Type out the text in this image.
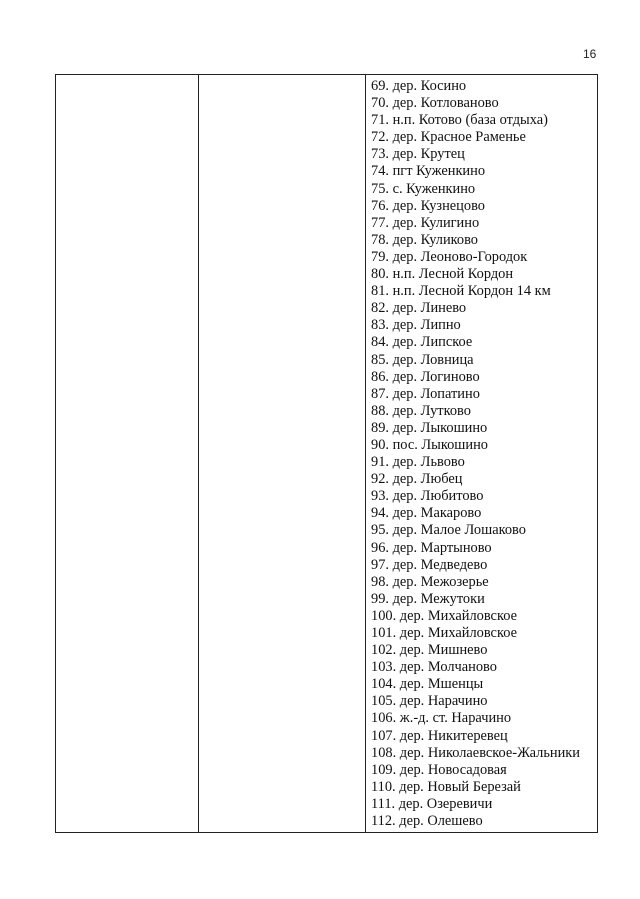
16
69. дер. Косино
70. дер. Котлованово
71. н.п. Котово (база отдыха)
72. дер. Красное Раменье
73. дер. Крутец
74. пгт Куженкино
75. с. Куженкино
76. дер. Кузнецово
77. дер. Кулигино
78. дер. Куликово
79. дер. Леоново-Городок
80. н.п. Лесной Кордон
81. н.п. Лесной Кордон 14 км
82. дер. Линево
83. дер. Липно
84. дер. Липское
85. дер. Ловница
86. дер. Логиново
87. дер. Лопатино
88. дер. Лутково
89. дер. Лыкошино
90. пос. Лыкошино
91. дер. Львово
92. дер. Любец
93. дер. Любитово
94. дер. Макарово
95. дер. Малое Лошаково
96. дер. Мартыново
97. дер. Медведево
98. дер. Межозерье
99. дер. Межутоки
100. дер. Михайловское
101. дер. Михайловское
102. дер. Мишнево
103. дер. Молчаново
104. дер. Мшенцы
105. дер. Нарачино
106. ж.-д. ст. Нарачино
107. дер. Никитеревец
108. дер. Николаевское-Жальники
109. дер. Новосадовая
110. дер. Новый Березай
111. дер. Озеревичи
112. дер. Олешево
